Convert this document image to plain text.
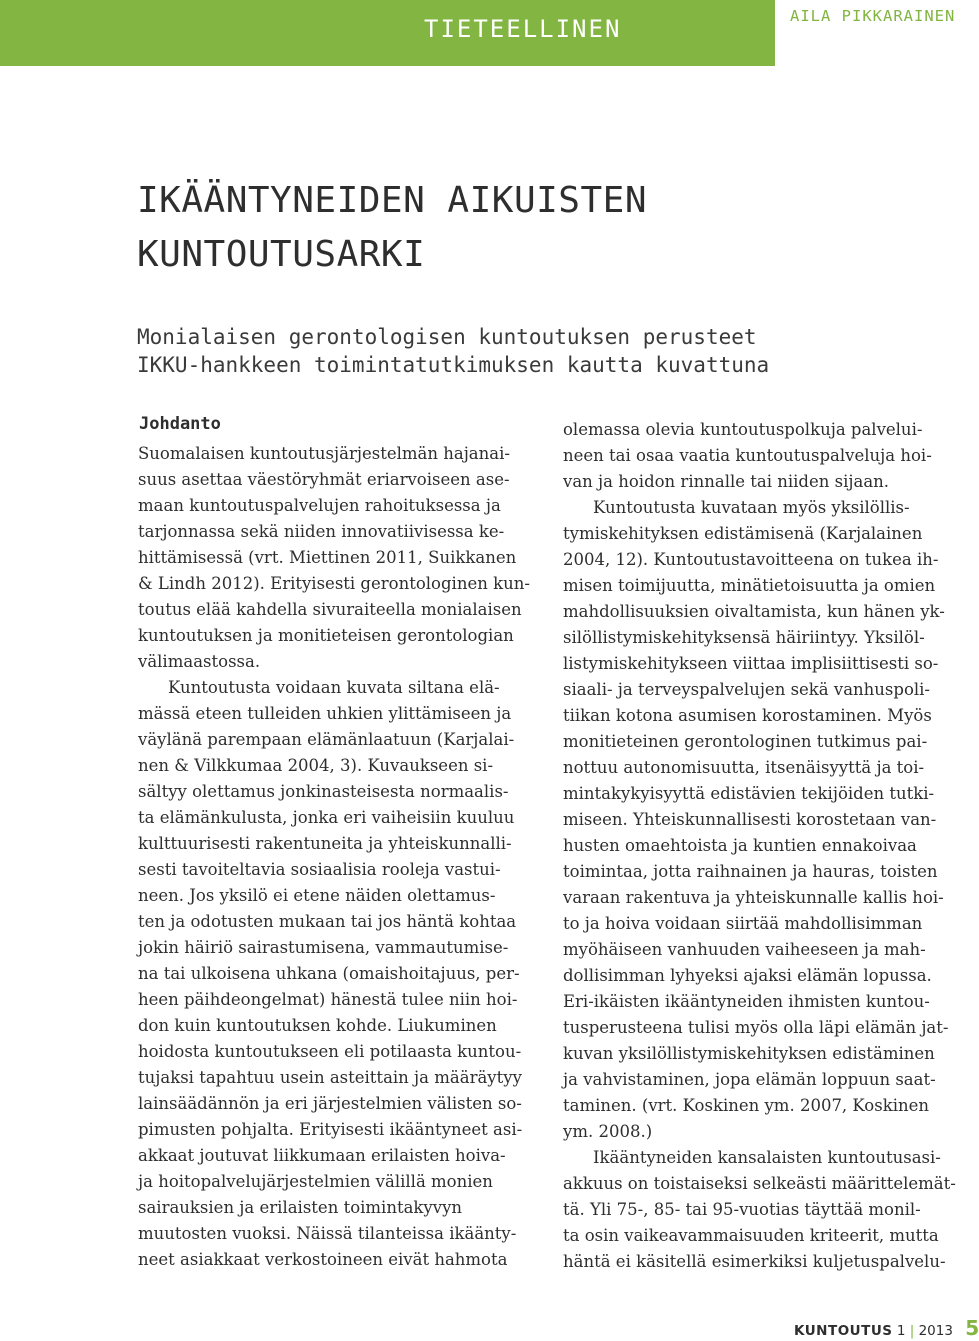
TIETEELLINEN ARTIKKELI
AILA PIKKARAINEN
IKÄÄNTYNEIDEN AIKUISTEN
KUNTOUTUSARKI
Monialaisen gerontologisen kuntoutuksen perusteet
IKKU-hankkeen toimintatutkimuksen kautta kuvattuna
Johdanto
Suomalaisen kuntoutusjärjestelmän hajanai-
suus asettaa väestöryhmät eriarvoiseen ase-
maan kuntoutuspalvelujen rahoituksessa ja
tarjonnassa sekä niiden innovatiivisessa ke-
hittämisessä (vrt. Miettinen 2011, Suikkanen
& Lindh 2012). Erityisesti gerontologinen kun-
toutus elää kahdella sivuraiteella monialaisen
kuntoutuksen ja monitieteisen gerontologian
välimaastossa.
Kuntoutusta voidaan kuvata siltana elä-
mässä eteen tulleiden uhkien ylittämiseen ja
väylänä parempaan elämänlaatuun (Karjalai-
nen & Vilkkumaa 2004, 3). Kuvaukseen si-
sältyy olettamus jonkinasteisesta normaalis-
ta elämänkulusta, jonka eri vaiheisiin kuuluu
kulttuurisesti rakentuneita ja yhteiskunnalli-
sesti tavoiteltavia sosiaalisia rooleja vastui-
neen. Jos yksilö ei etene näiden olettamus-
ten ja odotusten mukaan tai jos häntä kohtaa
jokin häiriö sairastumisena, vammautumise-
na tai ulkoisena uhkana (omaishoitajuus, per-
heen päihdeongelmat) hänestä tulee niin hoi-
don kuin kuntoutuksen kohde. Liukuminen
hoidosta kuntoutukseen eli potilaasta kuntou-
tujaksi tapahtuu usein asteittain ja määräytyy
lainsäädännön ja eri järjestelmien välisten so-
pimusten pohjalta. Erityisesti ikääntyneet asi-
akkaat joutuvat liikkumaan erilaisten hoiva-
ja hoitopalvelujärjestelmien välillä monien
sairauksien ja erilaisten toimintakyvyn
muutosten vuoksi. Näissä tilanteissa ikäänty-
neet asiakkaat verkostoineen eivät hahmota
olemassa olevia kuntoutuspolkuja palvelui-
neen tai osaa vaatia kuntoutuspalveluja hoi-
van ja hoidon rinnalle tai niiden sijaan.
Kuntoutusta kuvataan myös yksilöllis-
tymiskehityksen edistämisenä (Karjalainen
2004, 12). Kuntoutustavoitteena on tukea ih-
misen toimijuutta, minätietoisuutta ja omien
mahdollisuuksien oivaltamista, kun hänen yk-
silöllistymiskehityksensä häiriintyy. Yksilöl-
listymiskehitykseen viittaa implisiittisesti so-
siaali- ja terveyspalvelujen sekä vanhuspoli-
tiikan kotona asumisen korostaminen. Myös
monitieteinen gerontologinen tutkimus pai-
nottuu autonomisuutta, itsenäisyyttä ja toi-
mintakykyisyyttä edistävien tekijöiden tutki-
miseen. Yhteiskunnallisesti korostetaan van-
husten omaehtoista ja kuntien ennakoivaa
toimintaa, jotta raihnainen ja hauras, toisten
varaan rakentuva ja yhteiskunnalle kallis hoi-
to ja hoiva voidaan siirtää mahdollisimman
myöhäiseen vanhuuden vaiheeseen ja mah-
dollisimman lyhyeksi ajaksi elämän lopussa.
Eri-ikäisten ikääntyneiden ihmisten kuntou-
tusperusteena tulisi myös olla läpi elämän jat-
kuvan yksilöllistymiskehityksen edistäminen
ja vahvistaminen, jopa elämän loppuun saat-
taminen. (vrt. Koskinen ym. 2007, Koskinen
ym. 2008.)
Ikääntyneiden kansalaisten kuntoutusasi-
akkuus on toistaiseksi selkeästi määrittelemät-
tä. Yli 75-, 85- tai 95-vuotias täyttää monil-
ta osin vaikeavammaisuuden kriteerit, mutta
häntä ei käsitellä esimerkiksi kuljetuspalvelu-
KUNTOUTUS 1 | 2013 5
